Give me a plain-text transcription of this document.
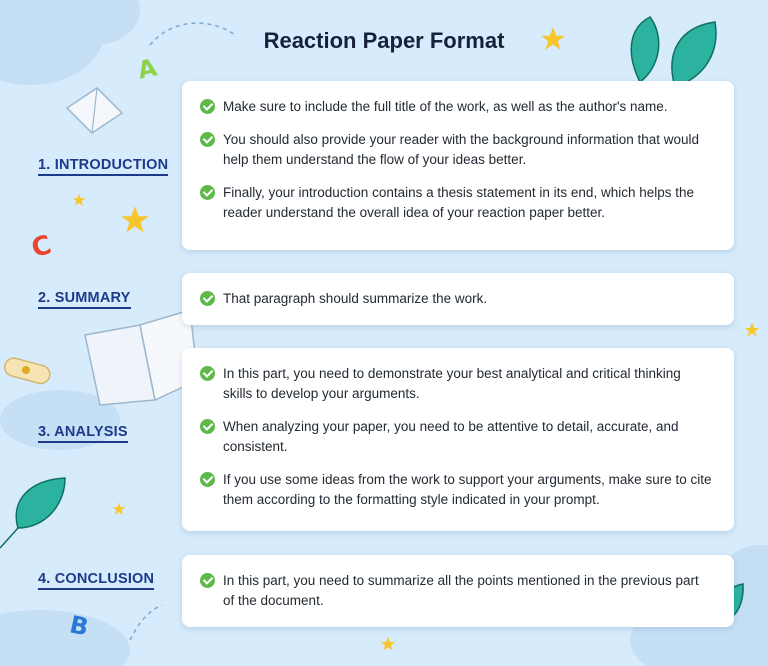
A
C
B
Reaction Paper Format
1. INTRODUCTION
2. SUMMARY
3. ANALYSIS
4. CONCLUSION
Make sure to include the full title of the work, as well as the author's name.
You should also provide your reader with the background information that would help them understand the flow of your ideas better.
Finally, your introduction contains a thesis statement in its end, which helps the reader understand the overall idea of your reaction paper better.
That paragraph should summarize the work.
In this part, you need to demonstrate your best analytical and critical thinking skills to develop your arguments.
When analyzing your paper, you need to be attentive to detail, accurate, and consistent.
If you use some ideas from the work to support your arguments, make sure to cite them according to the formatting style indicated in your prompt.
In this part, you need to summarize all the points mentioned in the previous part of the document.
